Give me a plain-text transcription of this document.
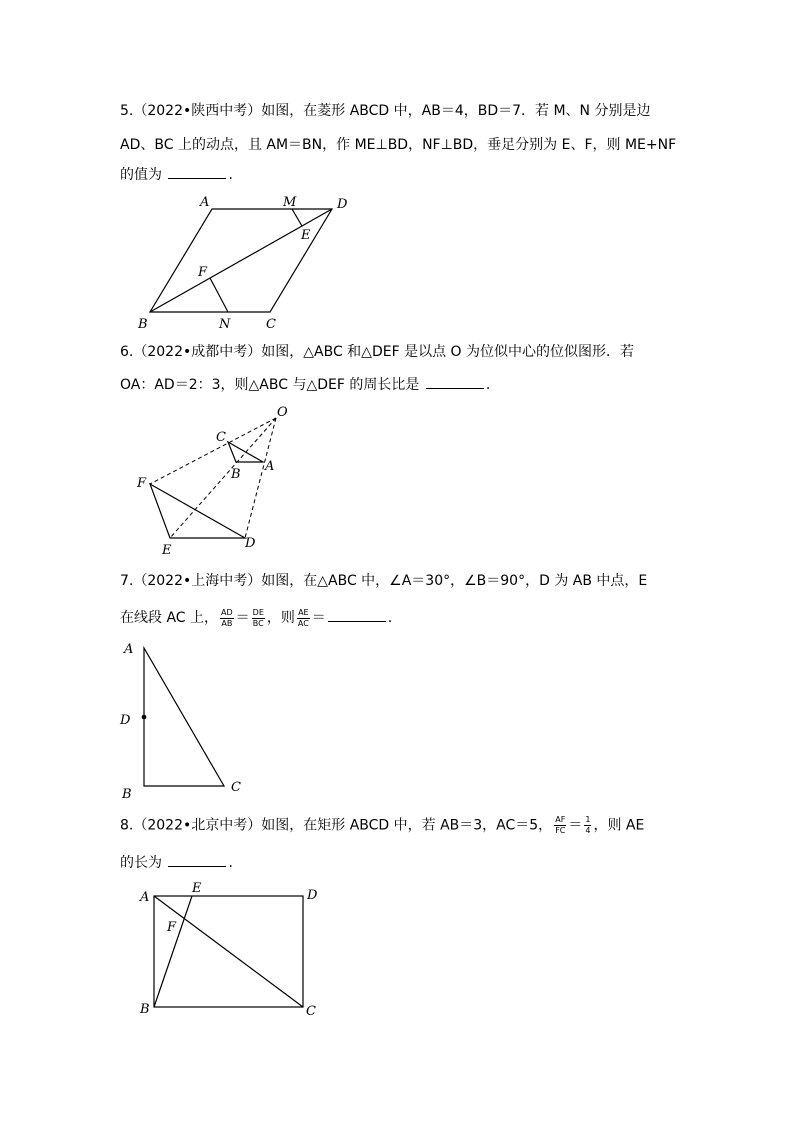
5.（2022•陕西中考）如图，在菱形 ABCD 中，AB＝4，BD＝7．若 M、N 分别是边
AD、BC 上的动点，且 AM＝BN，作 ME⊥BD，NF⊥BD，垂足分别为 E、F，则 ME+NF
的值为	.
A	M	D
E
F
B	N	C
6.（2022•成都中考）如图，△ABC 和△DEF 是以点 O 为位似中心的位似图形．若
OA：AD＝2：3，则△ABC 与△DEF 的周长比是	.
O
C
A
B
F
E	D
7.（2022•上海中考）如图，在△ABC 中，∠A＝30°，∠B＝90°，D 为 AB 中点，E
在线段 AC 上， $\frac{AD}{AB} = \frac{DE}{BC}$ ，则 $\frac{AE}{AC}$ ＝	.
A
D
B	C
8.（2022•北京中考）如图，在矩形 ABCD 中，若 AB＝3，AC＝5， $\frac{AF}{FC} = \frac{1}{4}$ ，则 AE
的长为	.
A
E	D
F
B	C
